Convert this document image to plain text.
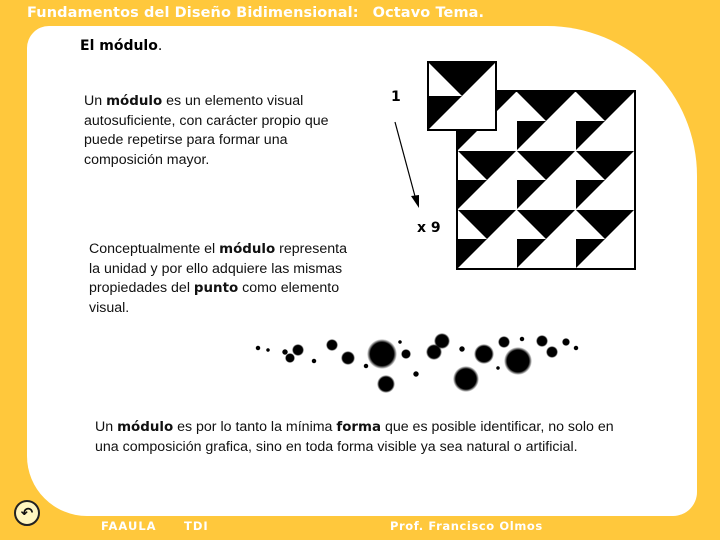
Fundamentos del Diseño Bidimensional: Octavo Tema.
El módulo.

Un módulo es un elemento visual autosuficiente, con carácter propio que puede repetirse para formar una composición mayor.

Conceptualmente el módulo representa la unidad y por ello adquiere las mismas propiedades del punto como elemento visual.

Un módulo es por lo tanto la mínima forma que es posible identificar, no solo en una composición grafica, sino en toda forma visible ya sea natural o artificial.

1
x 9
FAAULA TDI	Prof. Francisco Olmos
↶
